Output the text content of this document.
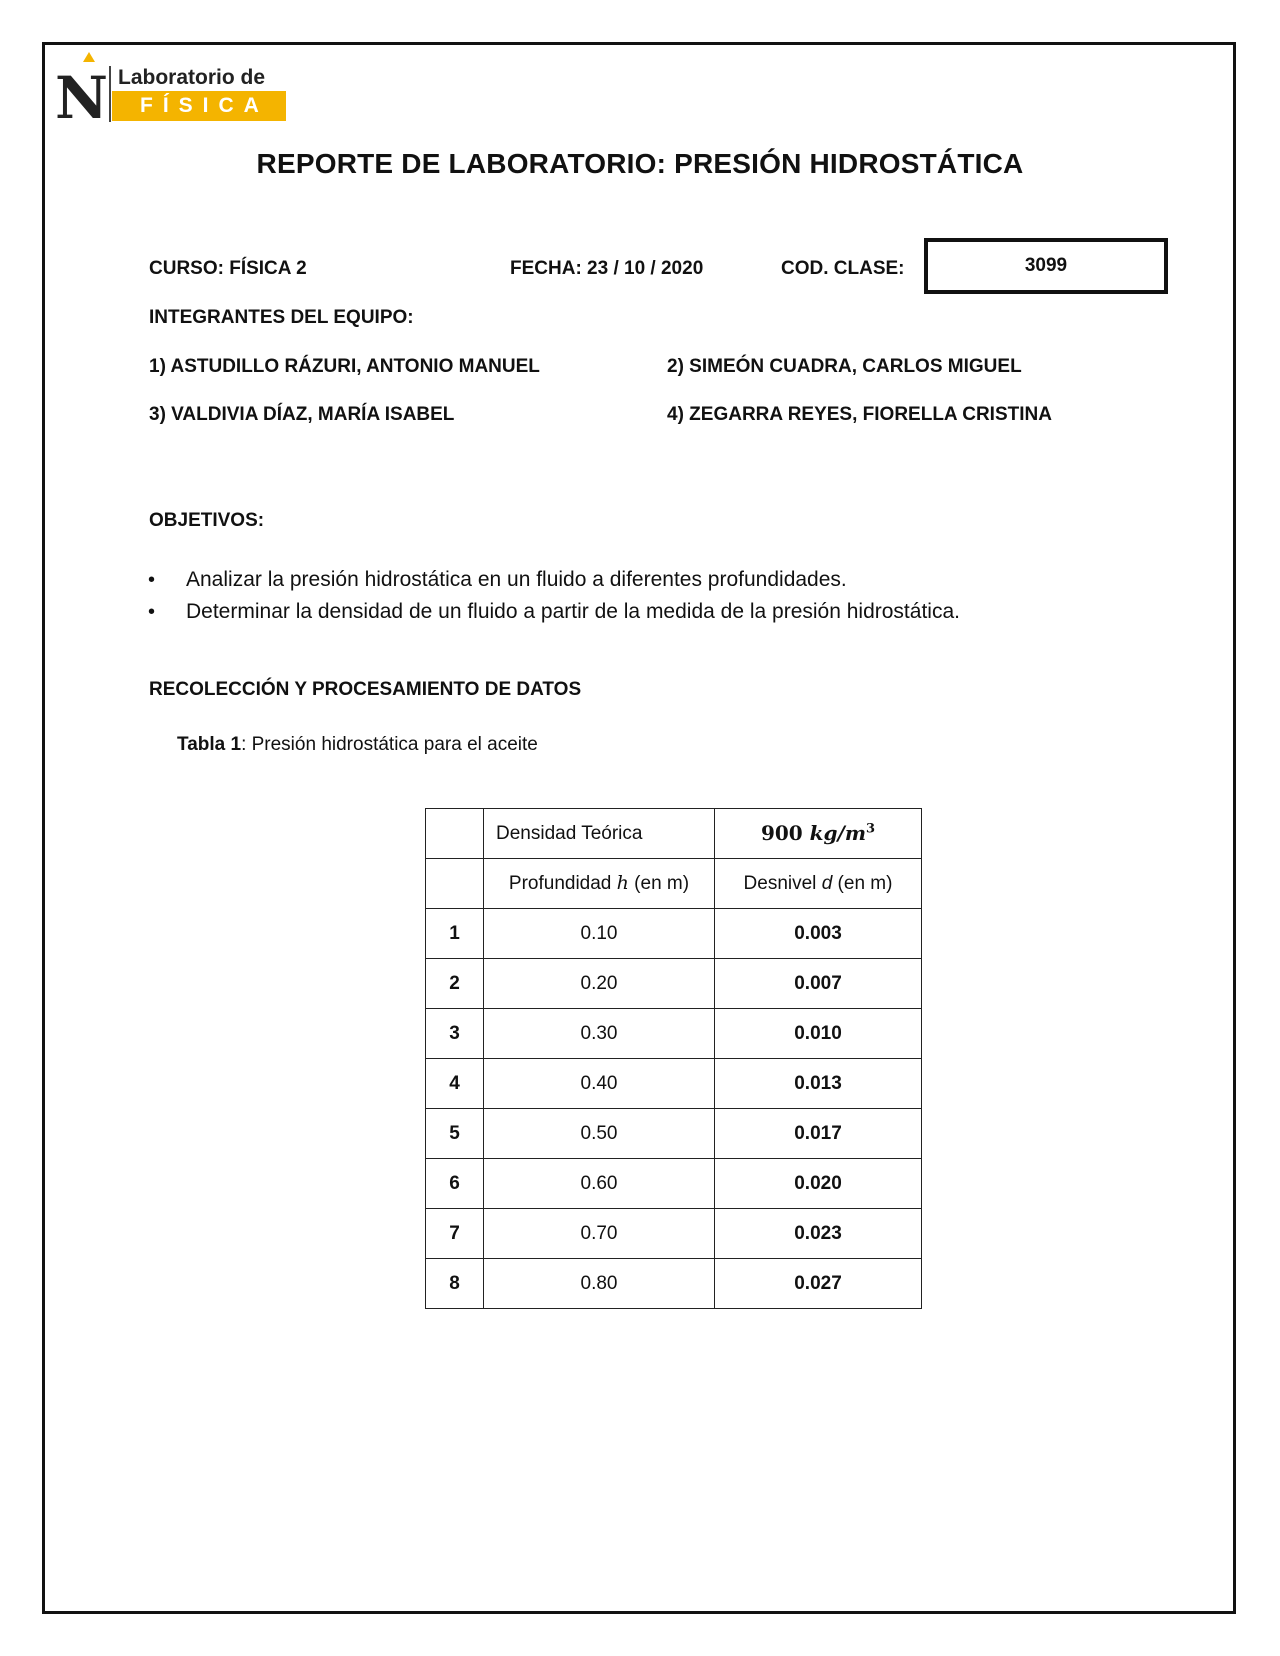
N Laboratorio de
FÍSICA
REPORTE DE LABORATORIO: PRESIÓN HIDROSTÁTICA
CURSO: FÍSICA 2	FECHA: 23 / 10 / 2020	COD. CLASE:	3099
INTEGRANTES DEL EQUIPO:
1) ASTUDILLO RÁZURI, ANTONIO MANUEL	2) SIMEÓN CUADRA, CARLOS MIGUEL
3) VALDIVIA DÍAZ, MARÍA ISABEL	4) ZEGARRA REYES, FIORELLA CRISTINA
OBJETIVOS:
• Analizar la presión hidrostática en un fluido a diferentes profundidades.
• Determinar la densidad de un fluido a partir de la medida de la presión hidrostática.
RECOLECCIÓN Y PROCESAMIENTO DE DATOS
Tabla 1: Presión hidrostática para el aceite
	Densidad Teórica	900 $kg/m^3$
	Profundidad h (en m)	Desnivel d (en m)
1	0.10	0.003
2	0.20	0.007
3	0.30	0.010
4	0.40	0.013
5	0.50	0.017
6	0.60	0.020
7	0.70	0.023
8	0.80	0.027
